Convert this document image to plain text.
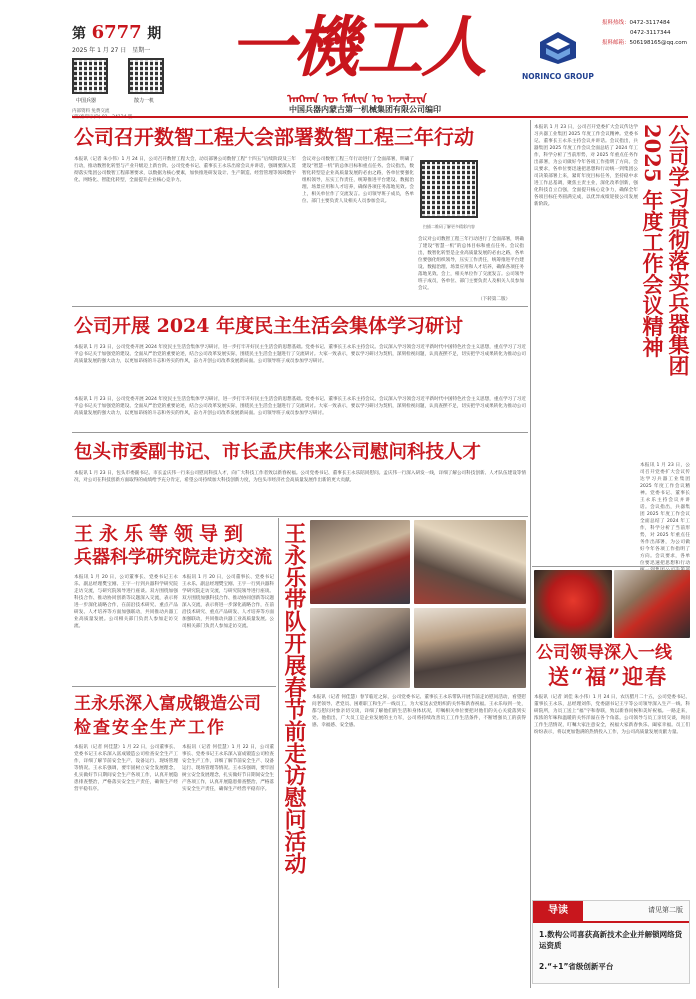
第 6777 期
2025 年 1 月 27 日　星期一
中国兵器	散力一机
内部资料 免费交流
一機工人
ᠠᠩᠬᠠᠨ ᠦ ᠮᠠᠰᠢᠨ ᠤ ᠠᠵᠢᠯᠴᠢᠨ
中国兵器内蒙古第一机械集团有限公司编印
NORINCO GROUP
报料热线：0472-3117484
0472-3117344
报料邮箱：506198165@qq.com
公司召开数智工程大会部署数智工程三年行动
本报讯（记者 朱小伟）1 月 24 日，公司召开数智工程大会，动员部署公司数智工程“十四五”后续阶段及三年行动，推动数智化转型与产业升级迈上新台阶。公司党委书记、董事长王永乐出席会议并讲话，强调要深入贯彻落实集团公司数智工程部署要求，以数据为核心要素，加快推进研发设计、生产制造、经营管理等领域数字化、网络化、智能化转型，全面提升企业核心竞争力。
会议对公司数智工程三年行动进行了全面部署，明确了建设“智慧一机”的总体目标和重点任务。会议指出，数智化转型是企业高质量发展的必由之路，各单位要强化组织领导，压实工作责任，统筹推进平台建设、数据治理、场景应用和人才培养，确保各项任务落地见效。会上，相关单位作了交流发言。公司领导班子成员，各单位、部门主要负责人及相关人员参加会议。
扫描二维码了解更多精彩内容
会议对公司数智工程三年行动进行了全面部署，明确了建设“智慧一机”的总体目标和重点任务。会议指出，数智化转型是企业高质量发展的必由之路，各单位要强化组织领导，压实工作责任，统筹推进平台建设、数据治理、场景应用和人才培养，确保各项任务落地见效。会上，相关单位作了交流发言。公司领导班子成员，各单位、部门主要负责人及相关人员参加会议。
（下转第二版）
公司开展 2024 年度民主生活会集体学习研讨
本报讯 1 月 23 日，公司党委开展 2024 年度民主生活会集体学习研讨，进一步打牢开好民主生活会的思想基础。党委书记、董事长王永乐主持会议。会议深入学习领会习近平新时代中国特色社会主义思想，重点学习了习近平总书记关于加强党的建设、全面从严治党的重要论述，结合公司改革发展实际，围绕民主生活会主题进行了交流研讨。大家一致表示，要以学习研讨为契机，深刻检视问题，认真查摆不足，切实把学习成果转化为推动公司高质量发展的强大动力，以更加昂扬的斗志和务实的作风，奋力开创公司改革发展新局面。公司领导班子成员参加学习研讨。
本报讯 1 月 23 日，公司党委开展 2024 年度民主生活会集体学习研讨，进一步打牢开好民主生活会的思想基础。党委书记、董事长王永乐主持会议。会议深入学习领会习近平新时代中国特色社会主义思想，重点学习了习近平总书记关于加强党的建设、全面从严治党的重要论述，结合公司改革发展实际，围绕民主生活会主题进行了交流研讨。大家一致表示，要以学习研讨为契机，深刻检视问题，认真查摆不足，切实把学习成果转化为推动公司高质量发展的强大动力，以更加昂扬的斗志和务实的作风，奋力开创公司改革发展新局面。公司领导班子成员参加学习研讨。
包头市委副书记、市长孟庆伟来公司慰问科技人才
本报讯 1 月 23 日，包头市委副书记、市长孟庆伟一行来公司慰问科技人才，向广大科技工作者致以新春祝福。公司党委书记、董事长王永乐陪同慰问。孟庆伟一行深入研发一线，详细了解公司科技创新、人才队伍建设等情况，对公司在科技创新方面取得的成绩给予充分肯定，希望公司持续加大科技创新力度，为包头市经济社会高质量发展作出新的更大贡献。
王永乐等领导到
兵器科学研究院走访交流
本报讯 1 月 20 日，公司董事长、党委书记王永乐、副总经理樊宝刚、王宇一行到兵器科学研究院走访交流，与研究院领导进行座谈。双方围绕加强科技合作、推动协同创新等议题深入交流，表示将进一步深化战略合作，在前沿技术研究、重点产品研发、人才培养等方面加强联动，共同推动兵器工业高质量发展。公司相关部门负责人参加走访交流。
本报讯 1 月 20 日，公司董事长、党委书记王永乐、副总经理樊宝刚、王宇一行到兵器科学研究院走访交流，与研究院领导进行座谈。双方围绕加强科技合作、推动协同创新等议题深入交流，表示将进一步深化战略合作，在前沿技术研究、重点产品研发、人才培养等方面加强联动，共同推动兵器工业高质量发展。公司相关部门负责人参加走访交流。
王永乐深入富成锻造公司
检查安全生产工作
本报讯（记者 何佳慧）1 月 22 日，公司董事长、党委书记王永乐深入富成锻造公司检查安全生产工作，详细了解节前安全生产、设备运行、现场管理等情况。王永乐强调，要牢固树立安全发展理念，扎实做好节日期间安全生产各项工作，认真开展隐患排查整治，严格落实安全生产责任，确保生产经营平稳有序。
本报讯（记者 何佳慧）1 月 22 日，公司董事长、党委书记王永乐深入富成锻造公司检查安全生产工作，详细了解节前安全生产、设备运行、现场管理等情况。王永乐强调，要牢固树立安全发展理念，扎实做好节日期间安全生产各项工作，认真开展隐患排查整治，严格落实安全生产责任，确保生产经营平稳有序。 王永乐带队开展春节前走访慰问活动 本报讯（记者 何佳慧）春节临近之际，公司党委书记、董事长王永乐带队开展节前走访慰问活动，看望慰问老领导、老党员、困难职工和生产一线员工，为大家送去党组织的关怀和新春祝福。王永乐每到一处，都与慰问对象亲切交谈，详细了解他们的生活和身体状况，叮嘱相关单位要把对他们的关心关爱落到实处。他指出，广大员工是企业发展的主力军，公司将持续改善员工工作生活条件，不断增强员工的获得感、幸福感、安全感。
本报讯 1 月 23 日，公司召开党委扩大会议传达学习兵器工业集团 2025 年度工作会议精神。党委书记、董事长王永乐主持会议并讲话。会议指出，兵器集团 2025 年度工作会议全面总结了 2024 年工作，科学分析了当前形势，对 2025 年重点任务作出部署，为公司做好今年各项工作指明了方向。会议要求，各单位要迅速把思想和行动统一到集团公司决策部署上来，紧盯年度目标任务，坚持稳中求进工作总基调，聚焦主责主业，深化改革创新，强化科技自立自强，全面提升核心竞争力，确保全年各项目标任务圆满完成，以优异成绩迎接公司发展新阶段。	公司学习贯彻落实兵器集团
2025 年度工作会议精神
本报讯 1 月 23 日，公司召开党委扩大会议传达学习兵器工业集团 2025 年度工作会议精神。党委书记、董事长王永乐主持会议并讲话。会议指出，兵器集团 2025 年度工作会议全面总结了 2024 年工作，科学分析了当前形势，对 2025 年重点任务作出部署，为公司做好今年各项工作指明了方向。会议要求，各单位要迅速把思想和行动
公司领导深入一线
送“福”迎春
本报讯（记者 刘佳 朱小伟）1 月 24 日，农历腊月二十五，公司党委书记、董事长王永乐，总经理刘伟，党委副书记王宇等公司领导深入生产一线、科研院所，为员工送上“福”字和春联，致以新春问候和美好祝福。一路走来，浓浓的年味和温暖的关怀洋溢在各个角落。公司领导与员工亲切交谈，询问工作生活情况，叮嘱大家注意安全，祝福大家新春快乐、阖家幸福。员工们纷纷表示，将以更加饱满的热情投入工作，为公司高质量发展贡献力量。
导读	请见第二版
1.数构公司喜获高新技术企业并解锁网络货运资质
2.“+1”省级创新平台
